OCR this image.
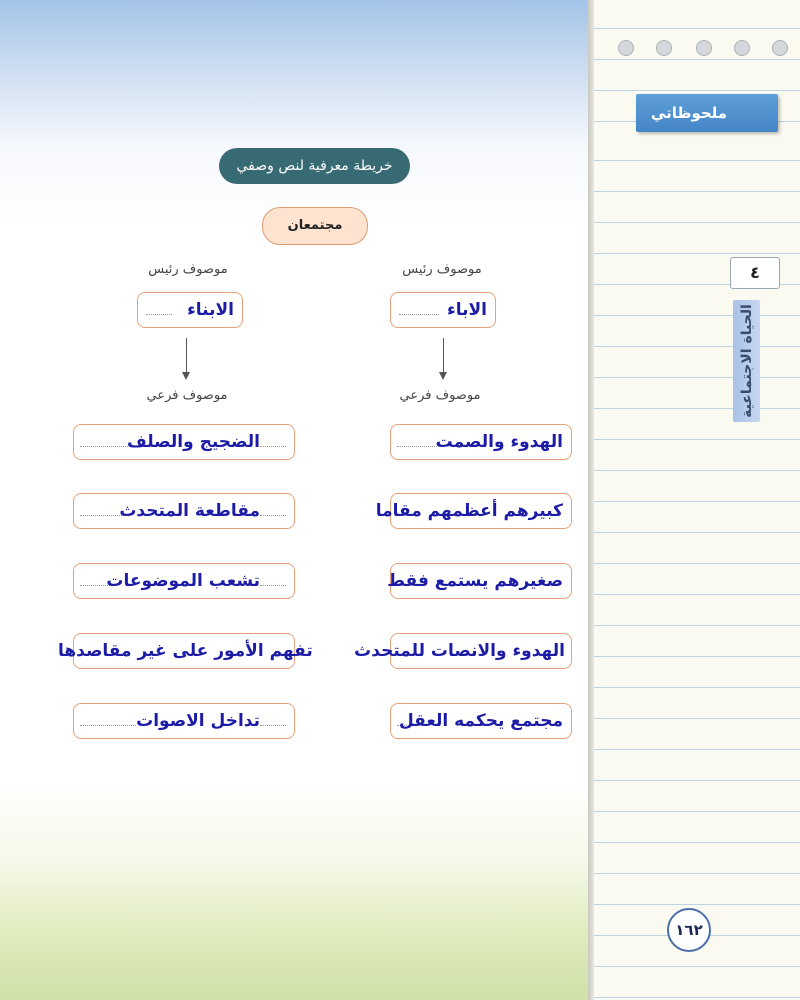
ملحوظاتي
٤
الحياة الاجتماعية
١٦٢
خريطة معرفية لنص وصفي
مجتمعان
موصوف رئيس
الاباء
موصوف فرعي
الهدوء والصمت
كبيرهم أعظمهم مقاما
صغيرهم يستمع فقط
الهدوء والانصات للمتحدث
مجتمع يحكمه العقل
موصوف رئيس
الابناء
موصوف فرعي
الضجيج والصلف
مقاطعة المتحدث
تشعب الموضوعات
تفهم الأمور على غير مقاصدها
تداخل الاصوات
